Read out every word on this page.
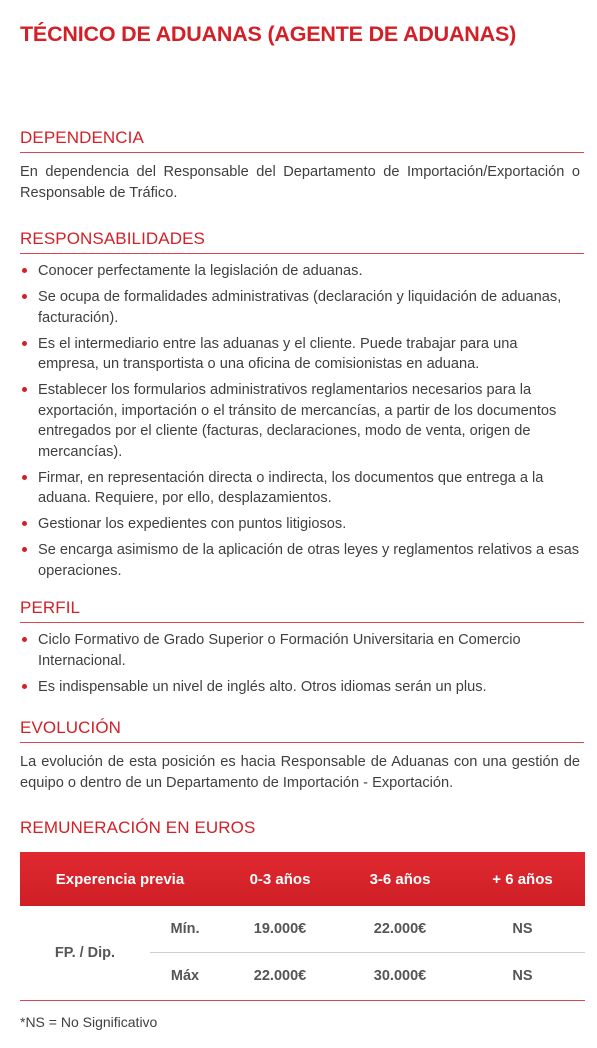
TÉCNICO DE ADUANAS (AGENTE DE ADUANAS)
DEPENDENCIA
En dependencia del Responsable del Departamento de Importación/Exportación o Responsable de Tráfico.
RESPONSABILIDADES
Conocer perfectamente la legislación de aduanas.
Se ocupa de formalidades administrativas (declaración y liquidación de aduanas, facturación).
Es el intermediario entre las aduanas y el cliente. Puede trabajar para una empresa, un transportista o una oficina de comisionistas en aduana.
Establecer los formularios administrativos reglamentarios necesarios para la exportación, importación o el tránsito de mercancías, a partir de los documentos entregados por el cliente (facturas, declaraciones, modo de venta, origen de mercancías).
Firmar, en representación directa o indirecta, los documentos que entrega a la aduana. Requiere, por ello, desplazamientos.
Gestionar los expedientes con puntos litigiosos.
Se encarga asimismo de la aplicación de otras leyes y reglamentos relativos a esas operaciones.
PERFIL
Ciclo Formativo de Grado Superior o Formación Universitaria en Comercio Internacional.
Es indispensable un nivel de inglés alto. Otros idiomas serán un plus.
EVOLUCIÓN
La evolución de esta posición es hacia Responsable de Aduanas con una gestión de equipo o dentro de un Departamento de Importación - Exportación.
REMUNERACIÓN EN EUROS
Experencia previa		0-3 años	3-6 años	+ 6 años
FP. / Dip.	Mín.	19.000€	22.000€	NS
	Máx	22.000€	30.000€	NS
*NS = No Significativo
